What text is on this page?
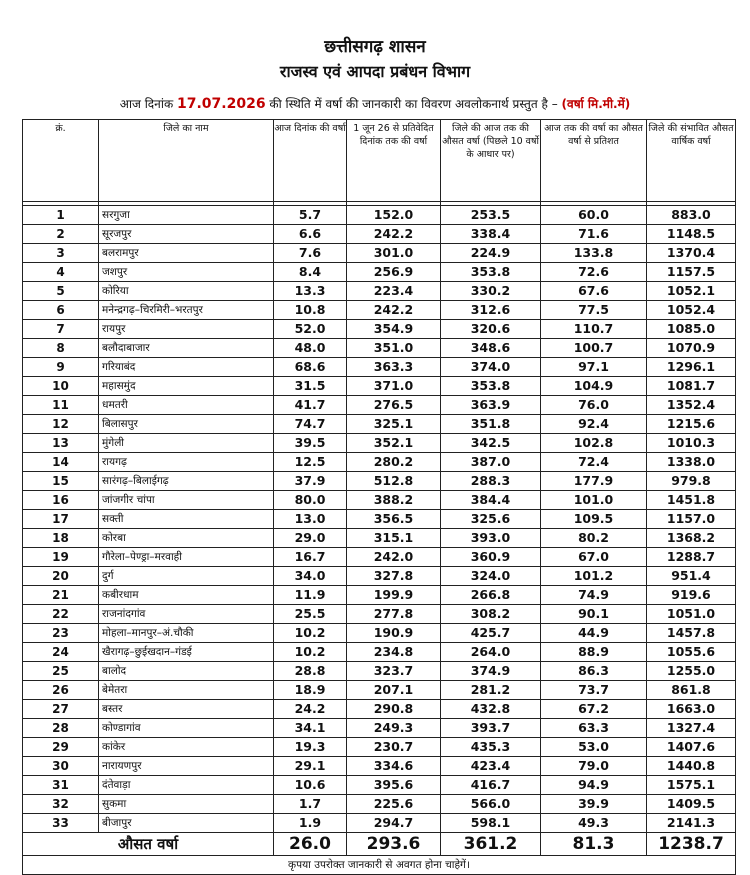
छत्तीसगढ़ शासन
राजस्व एवं आपदा प्रबंधन विभाग
आज दिनांक 17.07.2026 की स्थिति में वर्षा की जानकारी का विवरण अवलोकनार्थ प्रस्तुत है – (वर्षा मि.मी.में)
क्रं.	जिले का नाम	आज दिनांक की वर्षा	1 जून 26 से प्रतिवेदित दिनांक तक की वर्षा	जिले की आज तक की औसत वर्षा (पिछले 10 वर्षो के आधार पर)	आज तक की वर्षा का औसत वर्षा से प्रतिशत	जिले की संभावित औसत वार्षिक वर्षा

1	सरगुजा	5.7	152.0	253.5	60.0	883.0
2	सूरजपुर	6.6	242.2	338.4	71.6	1148.5
3	बलरामपुर	7.6	301.0	224.9	133.8	1370.4
4	जशपुर	8.4	256.9	353.8	72.6	1157.5
5	कोरिया	13.3	223.4	330.2	67.6	1052.1
6	मनेन्द्रगढ़–चिरमिरी–भरतपुर	10.8	242.2	312.6	77.5	1052.4
7	रायपुर	52.0	354.9	320.6	110.7	1085.0
8	बलौदाबाजार	48.0	351.0	348.6	100.7	1070.9
9	गरियाबंद	68.6	363.3	374.0	97.1	1296.1
10	महासमुंद	31.5	371.0	353.8	104.9	1081.7
11	धमतरी	41.7	276.5	363.9	76.0	1352.4
12	बिलासपुर	74.7	325.1	351.8	92.4	1215.6
13	मुंगेली	39.5	352.1	342.5	102.8	1010.3
14	रायगढ़	12.5	280.2	387.0	72.4	1338.0
15	सारंगढ़–बिलाईगढ़	37.9	512.8	288.3	177.9	979.8
16	जांजगीर चांपा	80.0	388.2	384.4	101.0	1451.8
17	सक्ती	13.0	356.5	325.6	109.5	1157.0
18	कोरबा	29.0	315.1	393.0	80.2	1368.2
19	गौरेला–पेण्ड्रा–मरवाही	16.7	242.0	360.9	67.0	1288.7
20	दुर्ग	34.0	327.8	324.0	101.2	951.4
21	कबीरधाम	11.9	199.9	266.8	74.9	919.6
22	राजनांदगांव	25.5	277.8	308.2	90.1	1051.0
23	मोहला–मानपुर–अं.चौकी	10.2	190.9	425.7	44.9	1457.8
24	खैरागढ़–छुईखदान–गंडई	10.2	234.8	264.0	88.9	1055.6
25	बालोद	28.8	323.7	374.9	86.3	1255.0
26	बेमेतरा	18.9	207.1	281.2	73.7	861.8
27	बस्तर	24.2	290.8	432.8	67.2	1663.0
28	कोण्डागांव	34.1	249.3	393.7	63.3	1327.4
29	कांकेर	19.3	230.7	435.3	53.0	1407.6
30	नारायणपुर	29.1	334.6	423.4	79.0	1440.8
31	दंतेवाड़ा	10.6	395.6	416.7	94.9	1575.1
32	सुकमा	1.7	225.6	566.0	39.9	1409.5
33	बीजापुर	1.9	294.7	598.1	49.3	2141.3
औसत वर्षा		26.0	293.6	361.2	81.3	1238.7
कृपया उपरोक्त जानकारी से अवगत होना चाहेगें।						
